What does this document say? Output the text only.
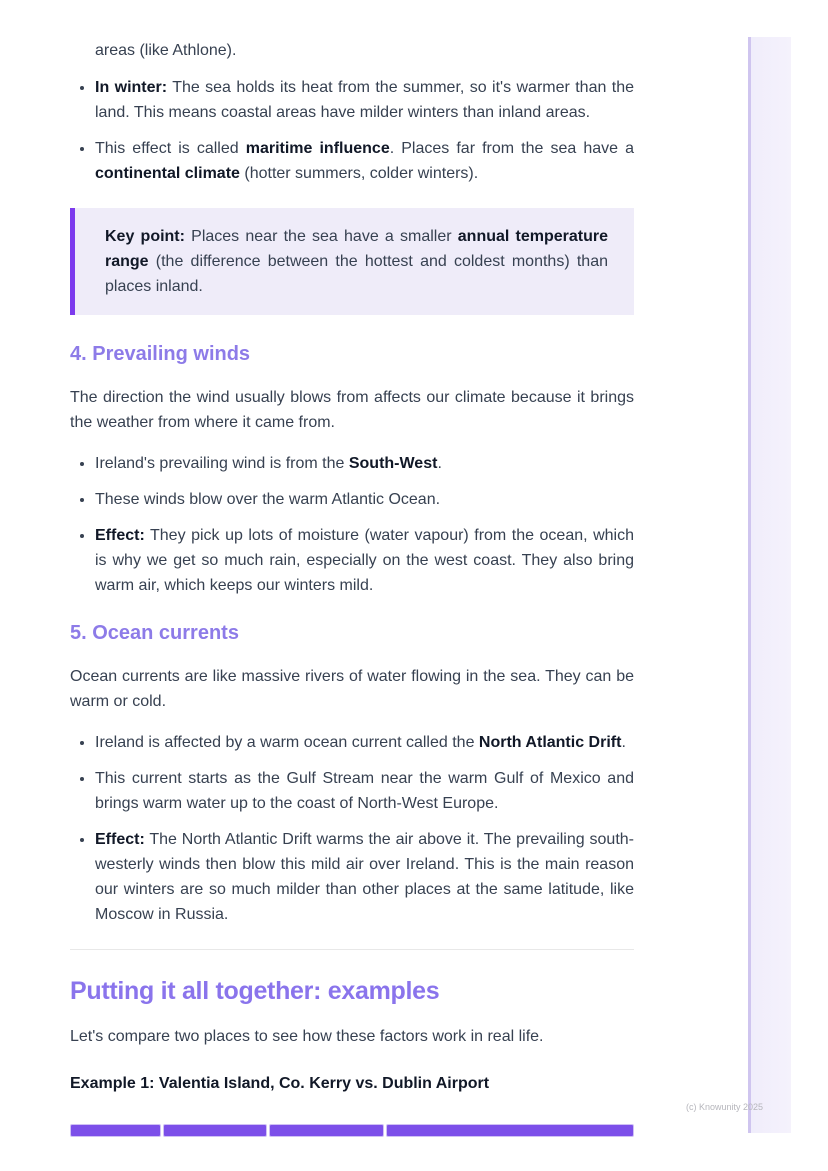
areas (like Athlone).

• In winter: The sea holds its heat from the summer, so it's warmer than the land. This means coastal areas have milder winters than inland areas.
• This effect is called maritime influence. Places far from the sea have a continental climate (hotter summers, colder winters).

Key point: Places near the sea have a smaller annual temperature range (the difference between the hottest and coldest months) than places inland.

4. Prevailing winds

The direction the wind usually blows from affects our climate because it brings the weather from where it came from.

• Ireland's prevailing wind is from the South-West.
• These winds blow over the warm Atlantic Ocean.
• Effect: They pick up lots of moisture (water vapour) from the ocean, which is why we get so much rain, especially on the west coast. They also bring warm air, which keeps our winters mild.
5. Ocean currents

Ocean currents are like massive rivers of water flowing in the sea. They can be warm or cold.

• Ireland is affected by a warm ocean current called the North Atlantic Drift.
• This current starts as the Gulf Stream near the warm Gulf of Mexico and brings warm water up to the coast of North-West Europe.
• Effect: The North Atlantic Drift warms the air above it. The prevailing south-westerly winds then blow this mild air over Ireland. This is the main reason our winters are so much milder than other places at the same latitude, like Moscow in Russia.
Putting it all together: examples

Let's compare two places to see how these factors work in real life.

Example 1: Valentia Island, Co. Kerry vs. Dublin Airport
(c) Knowunity 2025
